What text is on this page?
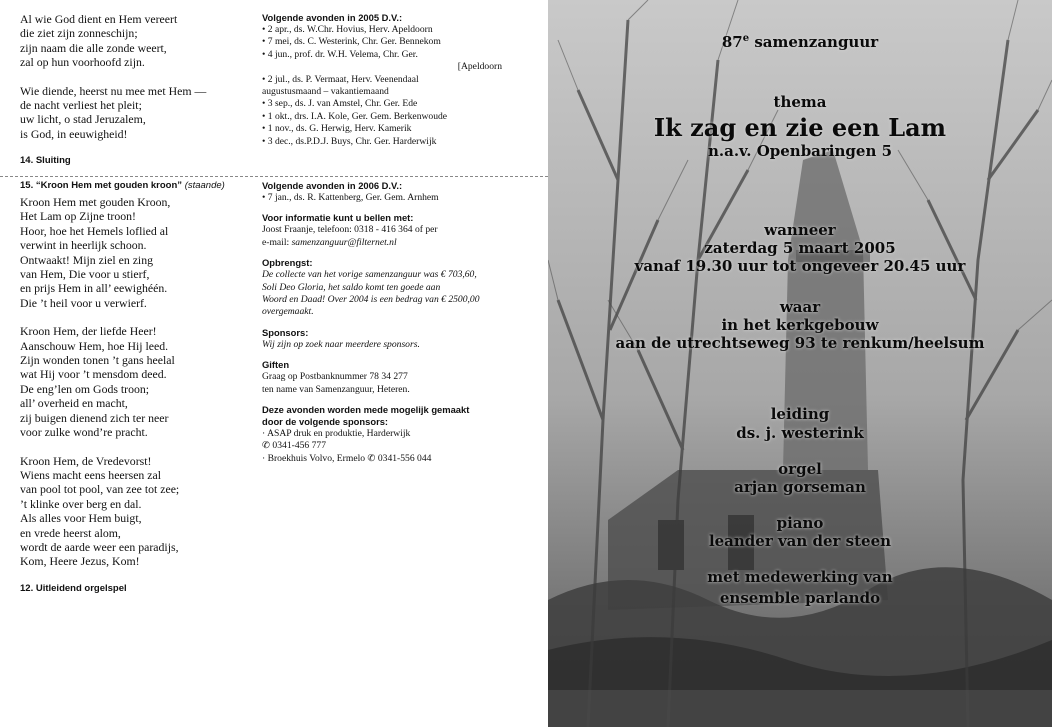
Al wie God dient en Hem vereert
die ziet zijn zonneschijn;
zijn naam die alle zonde weert,
zal op hun voorhoofd zijn.
Wie diende, heerst nu mee met Hem —
de nacht verliest het pleit;
uw licht, o stad Jeruzalem,
is God, in eeuwigheid!
14. Sluiting
15. “Kroon Hem met gouden kroon” (staande)
Kroon Hem met gouden Kroon,
Het Lam op Zijne troon!
Hoor, hoe het Hemels loflied al
verwint in heerlijk schoon.
Ontwaakt! Mijn ziel en zing
van Hem, Die voor u stierf,
en prijs Hem in all’ eewighéén.
Die ’t heil voor u verwierf.
Kroon Hem, der liefde Heer!
Aanschouw Hem, hoe Hij leed.
Zijn wonden tonen ’t gans heelal
wat Hij voor ’t mensdom deed.
De eng’len om Gods troon;
all’ overheid en macht,
zij buigen dienend zich ter neer
voor zulke wond’re pracht.
Kroon Hem, de Vredevorst!
Wiens macht eens heersen zal
van pool tot pool, van zee tot zee;
’t klinke over berg en dal.
Als alles voor Hem buigt,
en vrede heerst alom,
wordt de aarde weer een paradijs,
Kom, Heere Jezus, Kom!
12. Uitleidend orgelspel
Volgende avonden in 2005 D.V.:
• 2 apr., ds. W.Chr. Hovius, Herv. Apeldoorn
• 7 mei, ds. C. Westerink, Chr. Ger. Bennekom
• 4 jun., prof. dr. W.H. Velema, Chr. Ger.
[Apeldoorn
• 2 jul., ds. P. Vermaat, Herv. Veenendaal
augustusmaand – vakantiemaand
• 3 sep., ds. J. van Amstel, Chr. Ger. Ede
• 1 okt., drs. I.A. Kole, Ger. Gem. Berkenwoude
• 1 nov., ds. G. Herwig, Herv. Kamerik
• 3 dec., ds.P.D.J. Buys, Chr. Ger. Harderwijk
Volgende avonden in 2006 D.V.:
• 7 jan., ds. R. Kattenberg, Ger. Gem. Arnhem
Voor informatie kunt u bellen met:
Joost Fraanje, telefoon: 0318 - 416 364 of per
e-mail: samenzanguur@filternet.nl
Opbrengst:
De collecte van het vorige samenzanguur was € 703,60,
Soli Deo Gloria, het saldo komt ten goede aan
Woord en Daad! Over 2004 is een bedrag van € 2500,00
overgemaakt.
Sponsors:
Wij zijn op zoek naar meerdere sponsors.
Giften
Graag op Postbanknummer 78 34 277
ten name van Samenzanguur, Heteren.
Deze avonden worden mede mogelijk gemaakt
door de volgende sponsors:
· ASAP druk en produktie, Harderwijk
✆ 0341-456 777
· Broekhuis Volvo, Ermelo ✆ 0341-556 044
87e samenzanguur
thema
Ik zag en zie een Lam
n.a.v. Openbaringen 5
wanneer
zaterdag 5 maart 2005
vanaf 19.30 uur tot ongeveer 20.45 uur
waar
in het kerkgebouw
aan de utrechtseweg 93 te renkum/heelsum
leiding
ds. j. westerink
orgel
arjan gorseman
piano
leander van der steen
met medewerking van
ensemble parlando
